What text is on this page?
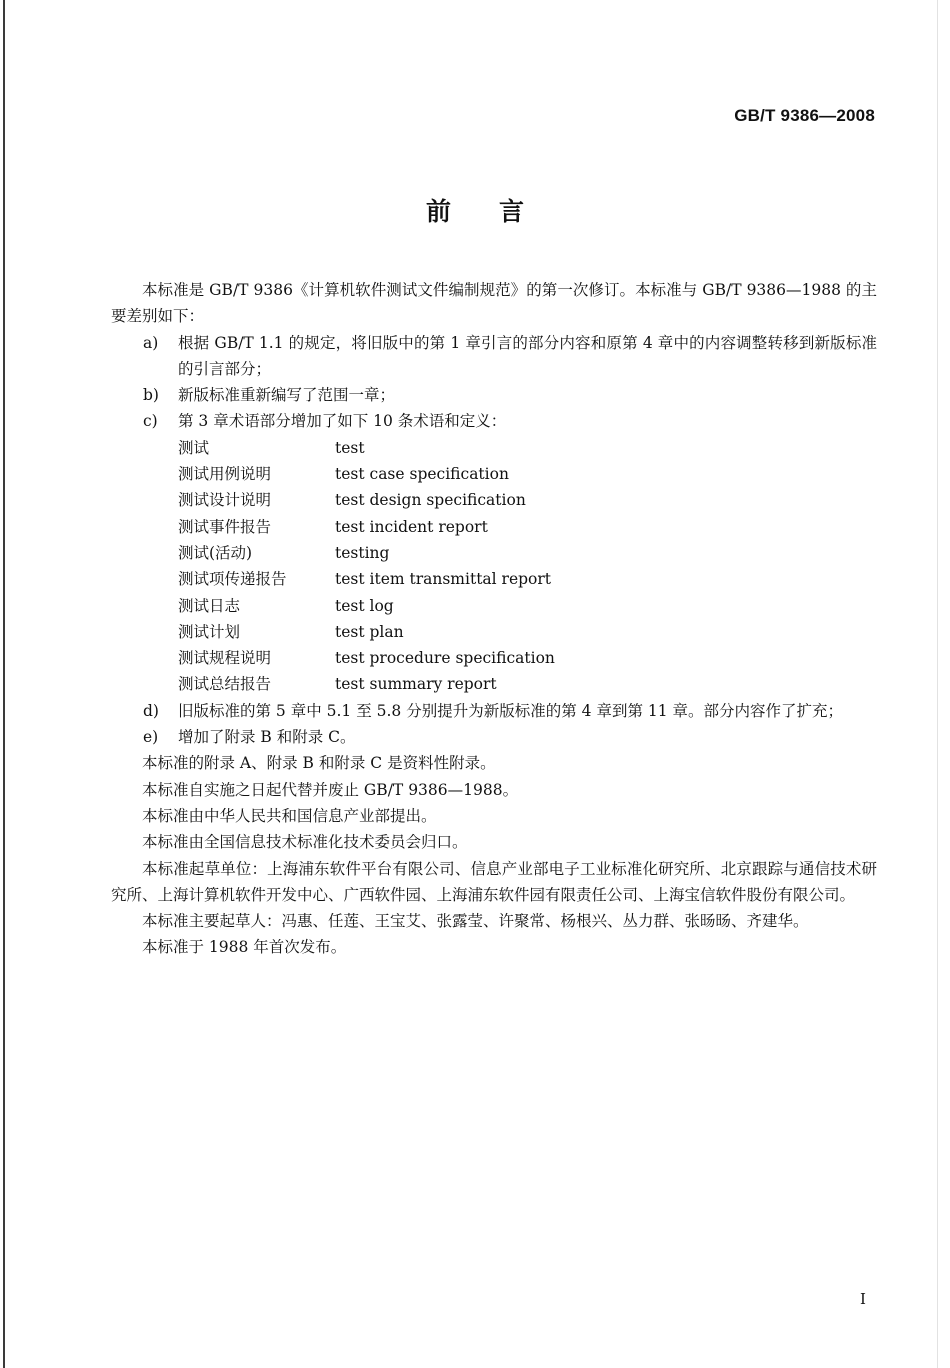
GB/T 9386—2008
前言

本标准是 GB/T 9386《计算机软件测试文件编制规范》的第一次修订。本标准与 GB/T 9386—1988 的主要差别如下：

a) 根据 GB/T 1.1 的规定，将旧版中的第 1 章引言的部分内容和原第 4 章中的内容调整转移到新版标准的引言部分；
b) 新版标准重新编写了范围一章；
c) 第 3 章术语部分增加了如下 10 条术语和定义：
测试	test
测试用例说明	test case specification
测试设计说明	test design specification
测试事件报告	test incident report
测试(活动)	testing
测试项传递报告	test item transmittal report
测试日志	test log
测试计划	test plan
测试规程说明	test procedure specification
测试总结报告	test summary report
d) 旧版标准的第 5 章中 5.1 至 5.8 分别提升为新版标准的第 4 章到第 11 章。部分内容作了扩充；
e) 增加了附录 B 和附录 C。

本标准的附录 A、附录 B 和附录 C 是资料性附录。

本标准自实施之日起代替并废止 GB/T 9386—1988。

本标准由中华人民共和国信息产业部提出。

本标准由全国信息技术标准化技术委员会归口。

本标准起草单位：上海浦东软件平台有限公司、信息产业部电子工业标准化研究所、北京跟踪与通信技术研究所、上海计算机软件开发中心、广西软件园、上海浦东软件园有限责任公司、上海宝信软件股份有限公司。

本标准主要起草人：冯惠、任莲、王宝艾、张露莹、许聚常、杨根兴、丛力群、张旸旸、齐建华。

本标准于 1988 年首次发布。

I
